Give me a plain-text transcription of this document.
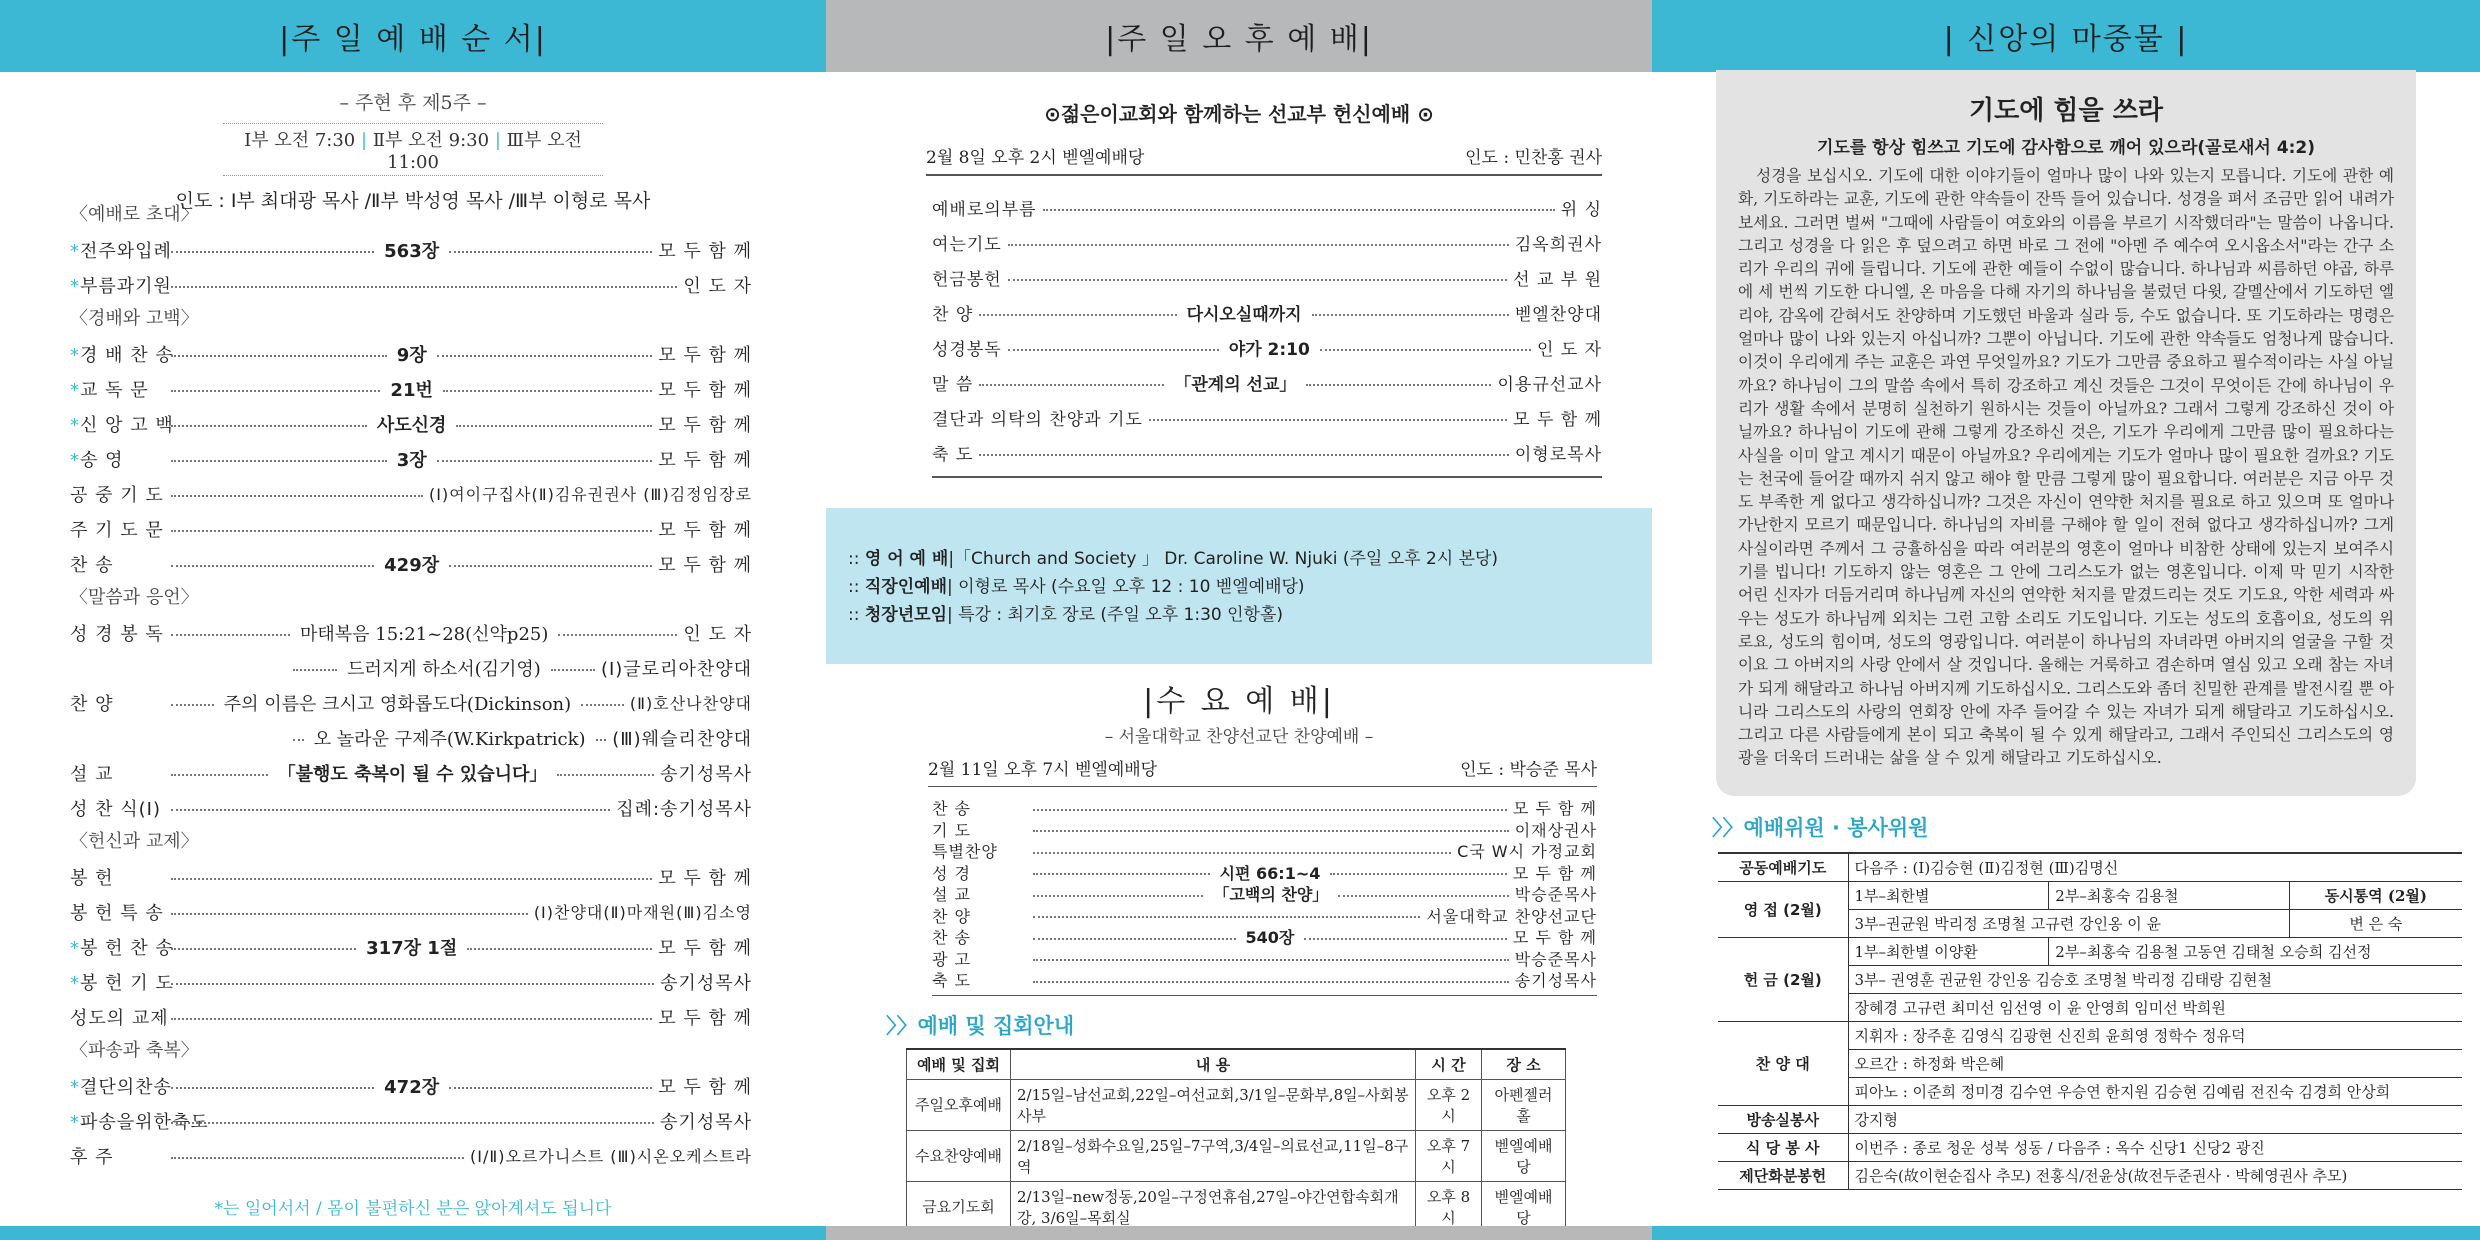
|주 일 예 배 순 서|
– 주현 후 제5주 –
Ⅰ부 오전 7:30 | Ⅱ부 오전 9:30 | Ⅲ부 오전 11:00
인도 : Ⅰ부 최대광 목사 /Ⅱ부 박성영 목사 /Ⅲ부 이형로 목사
〈예배로 초대〉
*전주와입례	563장	모 두 함 께
*부름과기원	인 도 자
〈경배와 고백〉
*경 배 찬 송	9장	모 두 함 께
*교 독 문	21번	모 두 함 께
*신 앙 고 백	사도신경	모 두 함 께
*송 영	3장	모 두 함 께
공 중 기 도	(Ⅰ)여이구집사(Ⅱ)김유권권사 (Ⅲ)김정임장로
주 기 도 문	모 두 함 께
찬 송	429장	모 두 함 께
〈말씀과 응언〉
성 경 봉 독	마태복음 15:21~28(신약p25)	인 도 자
드러지게 하소서(김기영)	(Ⅰ)글로리아찬양대
찬 양	주의 이름은 크시고 영화롭도다(Dickinson)	(Ⅱ)호산나찬양대
오 놀라운 구제주(W.Kirkpatrick) (Ⅲ)웨슬리찬양대
설 교	「불행도 축복이 될 수 있습니다」	송기성목사
성 찬 식(Ⅰ)	집례:송기성목사
〈헌신과 교제〉
봉 헌	모 두 함 께
봉 헌 특 송	(Ⅰ)찬양대(Ⅱ)마재원(Ⅲ)김소영
*봉 헌 찬 송	317장 1절	모 두 함 께
*봉 헌 기 도	송기성목사
성도의 교제	모 두 함 께
〈파송과 축복〉
*결단의찬송	472장	모 두 함 께
*파송을위한축도	송기성목사
후 주	(Ⅰ/Ⅱ)오르가니스트 (Ⅲ)시온오케스트라
*는 일어서서 / 몸이 불편하신 분은 앉아계셔도 됩니다
|주 일 오 후 예 배|
⊙젊은이교회와 함께하는 선교부 헌신예배 ⊙
2월 8일 오후 2시 벧엘예배당	인도 : 민찬홍 권사
예배로의부름	위 싱
여는기도	김옥희권사
헌금봉헌	선 교 부 원
찬 양	다시오실때까지	벧엘찬양대
성경봉독	야가 2:10	인 도 자
말 씀	「관계의 선교」	이용규선교사
결단과 의탁의 찬양과 기도	모 두 함 께
축 도	이형로목사
:: 영 어 예 배|「Church and Society 」 Dr. Caroline W. Njuki (주일 오후 2시 본당)
:: 직장인예배| 이형로 목사 (수요일 오후 12 : 10 벧엘예배당)
:: 청장년모임| 특강 : 최기호 장로 (주일 오후 1:30 인항홀)
|수 요 예 배|
– 서울대학교 찬양선교단 찬양예배 –
2월 11일 오후 7시 벧엘예배당	인도 : 박승준 목사
찬 송	모 두 함 께
기 도	이재상권사
특별찬양	C국 W시 가정교회
성 경	시편 66:1~4	모 두 함 께
설 교	「고백의 찬양」	박승준목사
찬 양	서울대학교 찬양선교단
찬 송	540장	모 두 함 께
광 고	박승준목사
축 도	송기성목사
〉〉예배 및 집회안내
예배 및 집회	내 용	시 간	장 소
주일오후예배	2/15일–남선교회,22일–여선교회,3/1일–문화부,8일–사회봉사부	오후 2시	아펜젤러홀
수요찬양예배	2/18일–성화수요일,25일–7구역,3/4일–의료선교,11일–8구역	오후 7시	벧엘예배당
금요기도회	2/13일–new정동,20일–구정연휴쉼,27일–야간연합속회개강, 3/6일–목회실	오후 8시	벧엘예배당
| 신앙의 마중물 |
기도에 힘을 쓰라
기도를 항상 힘쓰고 기도에 감사함으로 깨어 있으라(골로새서 4:2)
성경을 보십시오. 기도에 대한 이야기들이 얼마나 많이 나와 있는지 모릅니다. 기도에 관한 예화, 기도하라는 교훈, 기도에 관한 약속들이 잔뜩 들어 있습니다. 성경을 펴서 조금만 읽어 내려가 보세요. 그러면 벌써 "그때에 사람들이 여호와의 이름을 부르기 시작했더라"는 말씀이 나옵니다. 그리고 성경을 다 읽은 후 덮으려고 하면 바로 그 전에 "아멘 주 예수여 오시옵소서"라는 간구 소리가 우리의 귀에 들립니다. 기도에 관한 예들이 수없이 많습니다. 하나님과 씨름하던 야곱, 하루에 세 번씩 기도한 다니엘, 온 마음을 다해 자기의 하나님을 불렀던 다윗, 갈멜산에서 기도하던 엘리야, 감옥에 갇혀서도 찬양하며 기도했던 바울과 실라 등, 수도 없습니다. 또 기도하라는 명령은 얼마나 많이 나와 있는지 아십니까? 그뿐이 아닙니다. 기도에 관한 약속들도 엄청나게 많습니다. 이것이 우리에게 주는 교훈은 과연 무엇일까요? 기도가 그만큼 중요하고 필수적이라는 사실 아닐까요? 하나님이 그의 말씀 속에서 특히 강조하고 계신 것들은 그것이 무엇이든 간에 하나님이 우리가 생활 속에서 분명히 실천하기 원하시는 것들이 아닐까요? 그래서 그렇게 강조하신 것이 아닐까요? 하나님이 기도에 관해 그렇게 강조하신 것은, 기도가 우리에게 그만큼 많이 필요하다는 사실을 이미 알고 계시기 때문이 아닐까요? 우리에게는 기도가 얼마나 많이 필요한 걸까요? 기도는 천국에 들어갈 때까지 쉬지 않고 해야 할 만큼 그렇게 많이 필요합니다. 여러분은 지금 아무 것도 부족한 게 없다고 생각하십니까? 그것은 자신이 연약한 처지를 필요로 하고 있으며 또 얼마나 가난한지 모르기 때문입니다. 하나님의 자비를 구해야 할 일이 전혀 없다고 생각하십니까? 그게 사실이라면 주께서 그 긍휼하심을 따라 여러분의 영혼이 얼마나 비참한 상태에 있는지 보여주시기를 빕니다! 기도하지 않는 영혼은 그 안에 그리스도가 없는 영혼입니다. 이제 막 믿기 시작한 어린 신자가 더듬거리며 하나님께 자신의 연약한 처지를 맡겼드리는 것도 기도요, 악한 세력과 싸우는 성도가 하나님께 외치는 그런 고함 소리도 기도입니다. 기도는 성도의 호흡이요, 성도의 위로요, 성도의 힘이며, 성도의 영광입니다. 여러분이 하나님의 자녀라면 아버지의 얼굴을 구할 것이요 그 아버지의 사랑 안에서 살 것입니다. 올해는 거룩하고 겸손하며 열심 있고 오래 참는 자녀가 되게 해달라고 하나님 아버지께 기도하십시오. 그리스도와 좀더 친밀한 관계를 발전시킬 뿐 아니라 그리스도의 사랑의 연회장 안에 자주 들어갈 수 있는 자녀가 되게 해달라고 기도하십시오. 그리고 다른 사람들에게 본이 되고 축복이 될 수 있게 해달라고, 그래서 주인되신 그리스도의 영광을 더욱더 드러내는 삶을 살 수 있게 해달라고 기도하십시오.
〉〉예배위원 · 봉사위원
공동예배기도	다음주 : (Ⅰ)김승현 (Ⅱ)김정현 (Ⅲ)김명신		
영 접 (2월)	1부–최한별	2부–최홍숙 김용철	동시통역 (2월)
	3부–권균원 박리정 조명철 고규련 강인옹 이 윤		변 은 숙
헌 금 (2월)	1부–최한별 이양환	2부–최홍숙 김용철 고동연 김태철 오승희 김선정	
	3부– 권영훈 권균원 강인옹 김승호 조명철 박리정 김태랑 김현철		
	장혜경 고규련 최미선 임선영 이 윤 안영희 임미선 박희원		
찬 양 대	지휘자 : 장주훈 김영식 김광현 신진희 윤희영 정학수 정유덕		
	오르간 : 하정화 박은혜		
	피아노 : 이준희 정미경 김수연 우승연 한지원 김승현 김예림 전진숙 김경희 안상희		
방송실봉사	강지형		
식 당 봉 사	이번주 : 종로 청운 성북 성동 / 다음주 : 옥수 신당1 신당2 광진		
제단화분봉헌	김은숙(故이현순집사 추모) 전홍식/전윤상(故전두준권사 · 박혜영권사 추모)		
